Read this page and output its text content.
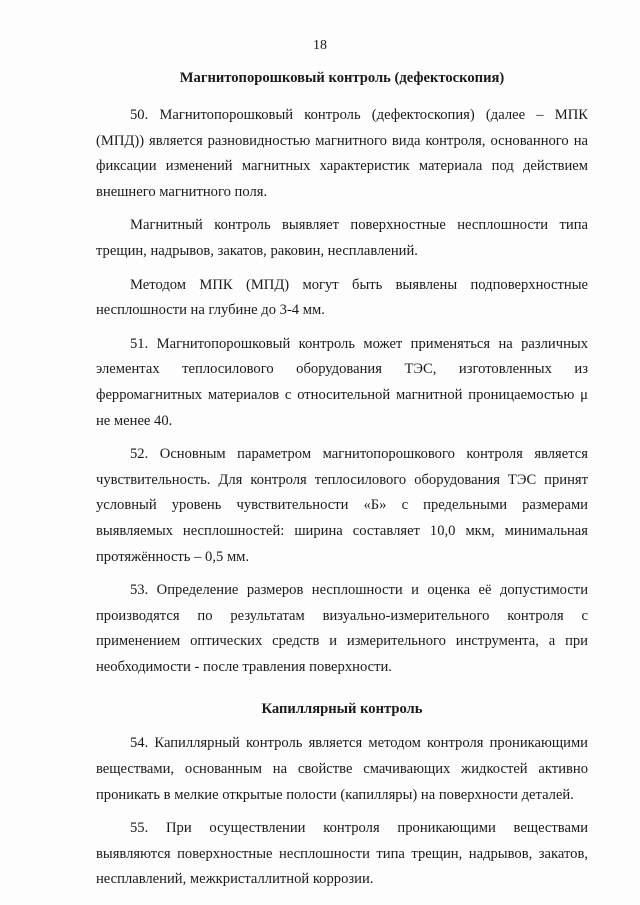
18
Магнитопорошковый контроль (дефектоскопия)

50. Магнитопорошковый контроль (дефектоскопия) (далее – МПК (МПД)) является разновидностью магнитного вида контроля, основанного на фиксации изменений магнитных характеристик материала под действием внешнего магнитного поля.

Магнитный контроль выявляет поверхностные несплошности типа трещин, надрывов, закатов, раковин, несплавлений.

Методом МПК (МПД) могут быть выявлены подповерхностные несплошности на глубине до 3-4 мм.

51. Магнитопорошковый контроль может применяться на различных элементах теплосилового оборудования ТЭС, изготовленных из ферромагнитных материалов с относительной магнитной проницаемостью μ не менее 40.

52. Основным параметром магнитопорошкового контроля является чувствительность. Для контроля теплосилового оборудования ТЭС принят условный уровень чувствительности «Б» с предельными размерами выявляемых несплошностей: ширина составляет 10,0 мкм, минимальная протяжённость – 0,5 мм.

53. Определение размеров несплошности и оценка её допустимости производятся по результатам визуально-измерительного контроля с применением оптических средств и измерительного инструмента, а при необходимости - после травления поверхности.

Капиллярный контроль

54. Капиллярный контроль является методом контроля проникающими веществами, основанным на свойстве смачивающих жидкостей активно проникать в мелкие открытые полости (капилляры) на поверхности деталей.

55. При осуществлении контроля проникающими веществами выявляются поверхностные несплошности типа трещин, надрывов, закатов, несплавлений, межкристаллитной коррозии.
